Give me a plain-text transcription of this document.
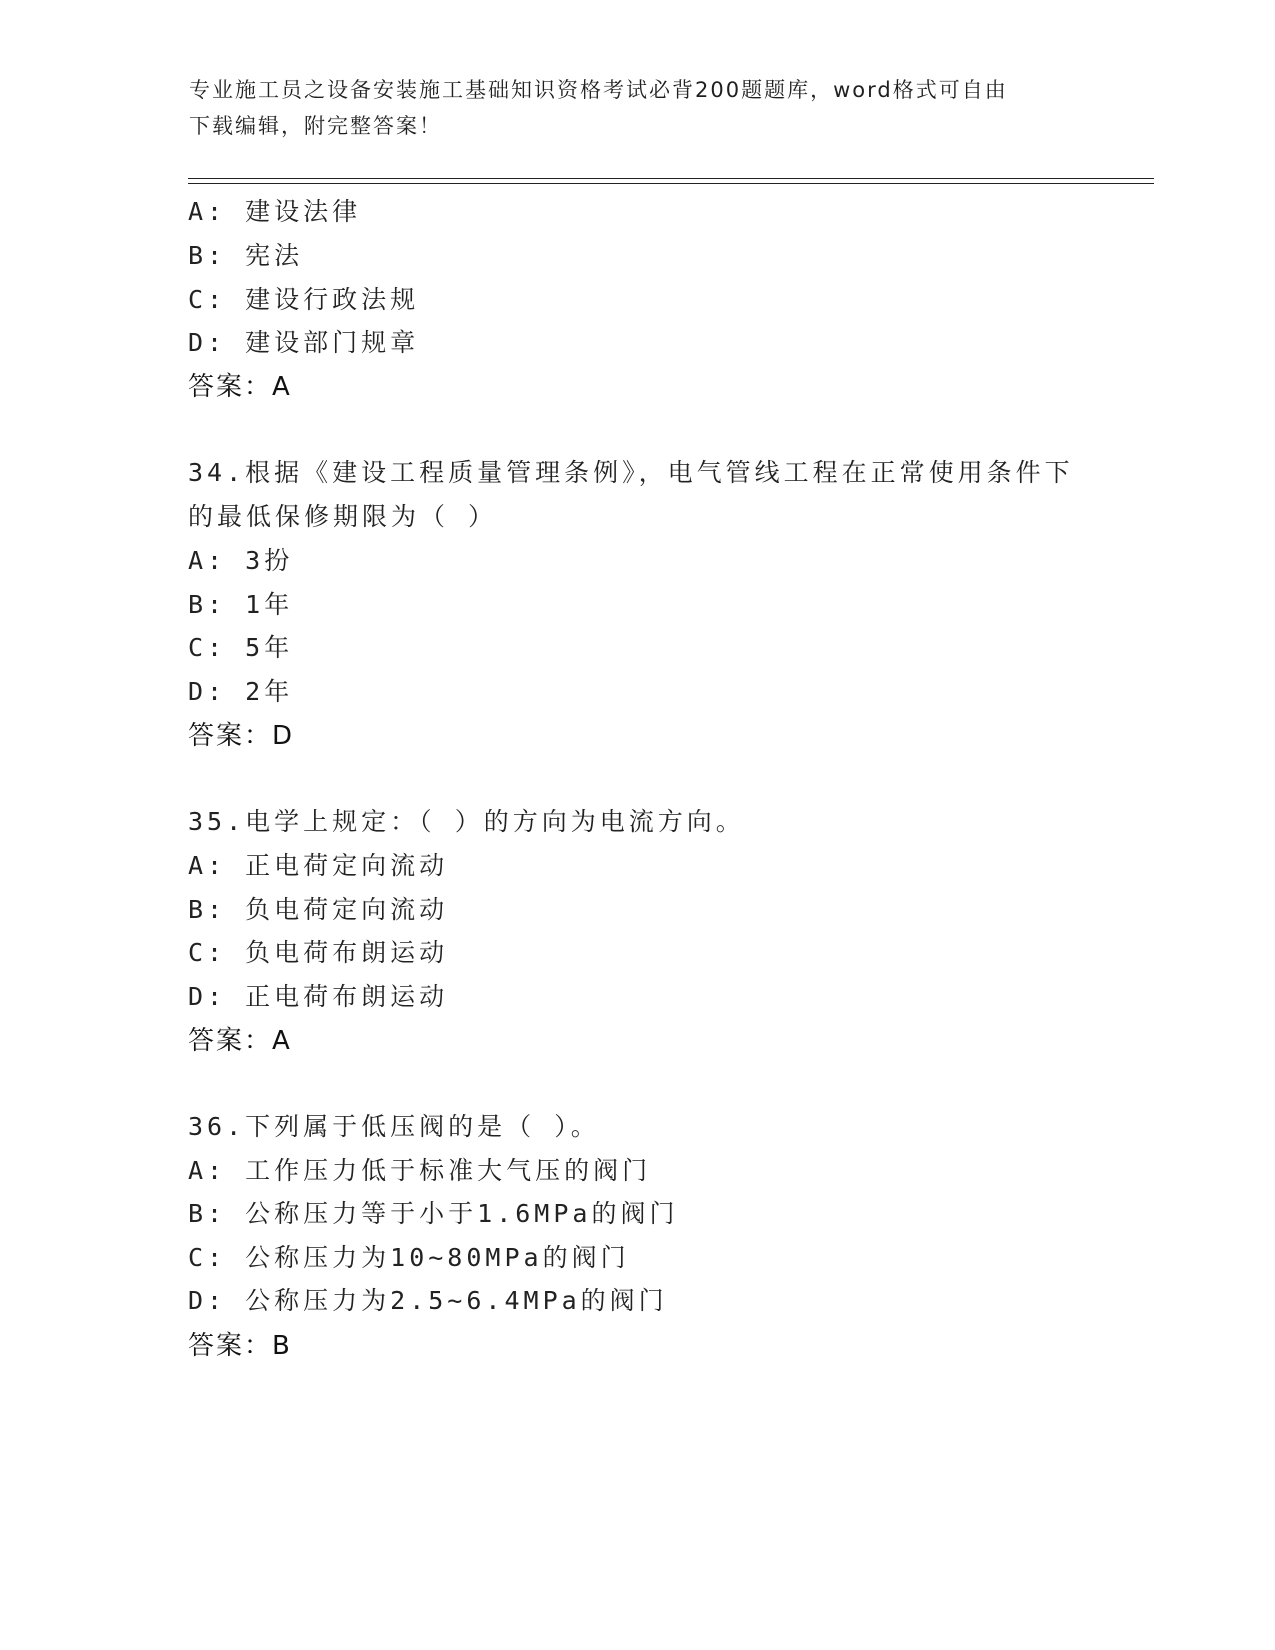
专业施工员之设备安装施工基础知识资格考试必背200题题库，word格式可自由
下载编辑，附完整答案！
A: 建设法律
B: 宪法
C: 建设行政法规
D: 建设部门规章
答案：A
34.根据《建设工程质量管理条例》，电气管线工程在正常使用条件下
的最低保修期限为（ ）
A: 3扮
B: 1年
C: 5年
D: 2年
答案：D
35.电学上规定：（ ）的方向为电流方向。
A: 正电荷定向流动
B: 负电荷定向流动
C: 负电荷布朗运动
D: 正电荷布朗运动
答案：A
36.下列属于低压阀的是（ ）。
A: 工作压力低于标准大气压的阀门
B: 公称压力等于小于1.6MPa的阀门
C: 公称压力为10~80MPa的阀门
D: 公称压力为2.5~6.4MPa的阀门
答案：B
